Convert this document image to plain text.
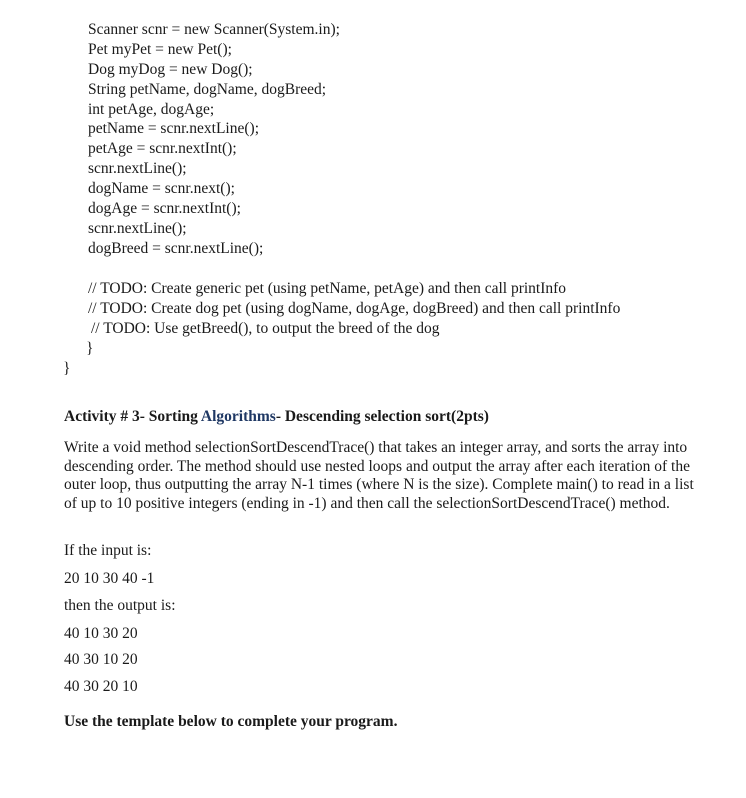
Scanner scnr = new Scanner(System.in);
Pet myPet = new Pet();
Dog myDog = new Dog();
String petName, dogName, dogBreed;
int petAge, dogAge;
petName = scnr.nextLine();
petAge = scnr.nextInt();
scnr.nextLine();
dogName = scnr.next();
dogAge = scnr.nextInt();
scnr.nextLine();
dogBreed = scnr.nextLine();
// TODO: Create generic pet (using petName, petAge) and then call printInfo
// TODO: Create dog pet (using dogName, dogAge, dogBreed) and then call printInfo
// TODO: Use getBreed(), to output the breed of the dog
}
}
Activity # 3- Sorting Algorithms- Descending selection sort(2pts)
Write a void method selectionSortDescendTrace() that takes an integer array, and sorts the array into descending order. The method should use nested loops and output the array after each iteration of the outer loop, thus outputting the array N-1 times (where N is the size). Complete main() to read in a list of up to 10 positive integers (ending in -1) and then call the selectionSortDescendTrace() method.
If the input is:
20 10 30 40 -1
then the output is:
40 10 30 20
40 30 10 20
40 30 20 10
Use the template below to complete your program.
